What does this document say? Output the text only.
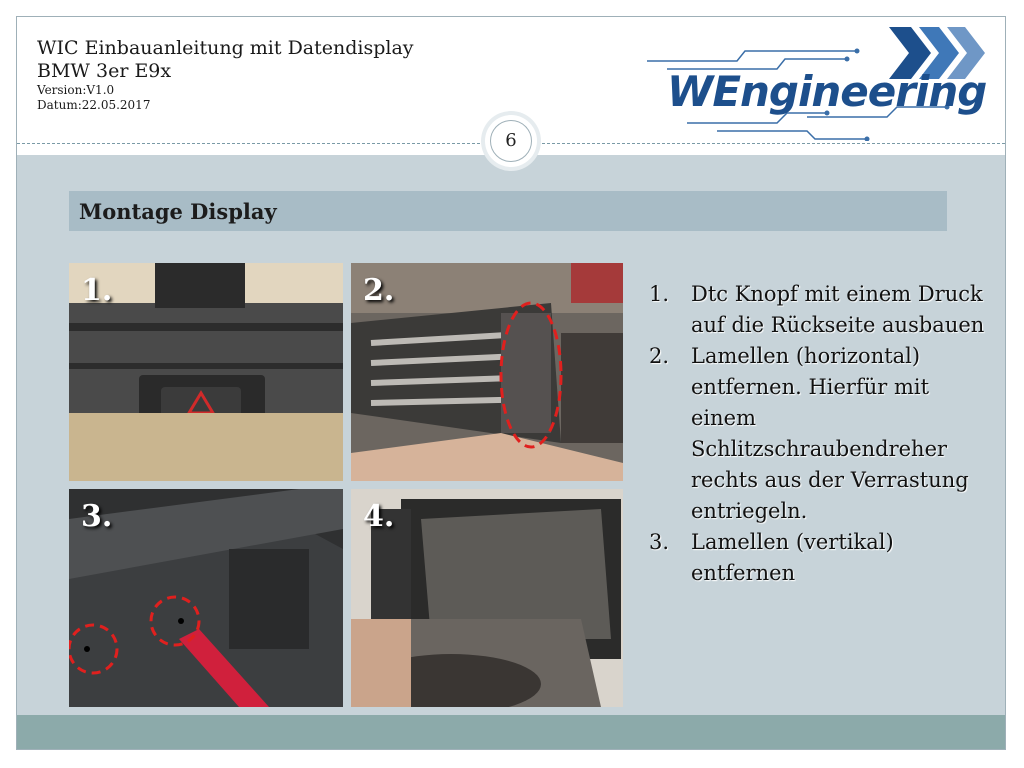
WIC Einbauanleitung mit Datendisplay
BMW 3er E9x
Version:V1.0
Datum:22.05.2017	WEngineering
6
Montage Display
1.	2.
3.	4.
1. Dtc Knopf mit einem Druck auf die Rückseite ausbauen
2. Lamellen (horizontal) entfernen. Hierfür mit einem Schlitzschraubendreher rechts aus der Verrastung entriegeln.
3. Lamellen (vertikal) entfernen
